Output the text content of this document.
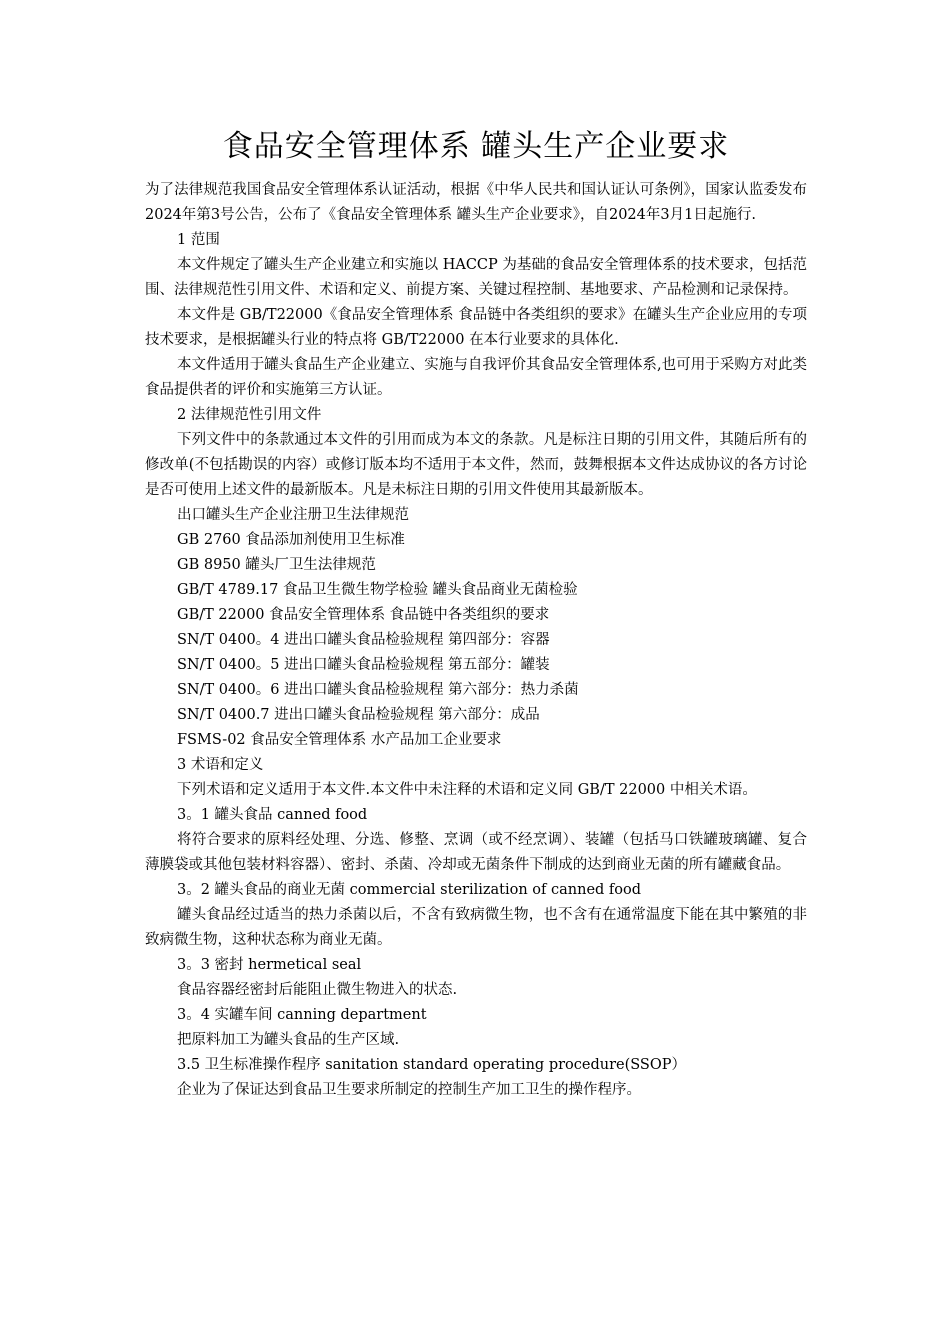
食品安全管理体系 罐头生产企业要求

为了法律规范我国食品安全管理体系认证活动，根据《中华人民共和国认证认可条例》，国家认监委发布2024年第3号公告，公布了《食品安全管理体系 罐头生产企业要求》，自2024年3月1日起施行.

1 范围

本文件规定了罐头生产企业建立和实施以 HACCP 为基础的食品安全管理体系的技术要求，包括范围、法律规范性引用文件、术语和定义、前提方案、关键过程控制、基地要求、产品检测和记录保持。

本文件是 GB/T22000《食品安全管理体系 食品链中各类组织的要求》在罐头生产企业应用的专项技术要求，是根据罐头行业的特点将 GB/T22000 在本行业要求的具体化.

本文件适用于罐头食品生产企业建立、实施与自我评价其食品安全管理体系,也可用于采购方对此类食品提供者的评价和实施第三方认证。

2 法律规范性引用文件

下列文件中的条款通过本文件的引用而成为本文的条款。凡是标注日期的引用文件，其随后所有的修改单(不包括勘误的内容）或修订版本均不适用于本文件，然而，鼓舞根据本文件达成协议的各方讨论是否可使用上述文件的最新版本。凡是未标注日期的引用文件使用其最新版本。

出口罐头生产企业注册卫生法律规范

GB 2760 食品添加剂使用卫生标准

GB 8950 罐头厂卫生法律规范

GB/T 4789.17 食品卫生微生物学检验 罐头食品商业无菌检验

GB/T 22000 食品安全管理体系 食品链中各类组织的要求

SN/T 0400。4 进出口罐头食品检验规程 第四部分：容器

SN/T 0400。5 进出口罐头食品检验规程 第五部分：罐装

SN/T 0400。6 进出口罐头食品检验规程 第六部分：热力杀菌

SN/T 0400.7 进出口罐头食品检验规程 第六部分：成品

FSMS-02 食品安全管理体系 水产品加工企业要求

3 术语和定义

下列术语和定义适用于本文件.本文件中未注释的术语和定义同 GB/T 22000 中相关术语。

3。1 罐头食品 canned food

将符合要求的原料经处理、分选、修整、烹调（或不经烹调）、装罐（包括马口铁罐玻璃罐、复合薄膜袋或其他包装材料容器）、密封、杀菌、冷却或无菌条件下制成的达到商业无菌的所有罐藏食品。

3。2 罐头食品的商业无菌 commercial sterilization of canned food

罐头食品经过适当的热力杀菌以后，不含有致病微生物，也不含有在通常温度下能在其中繁殖的非致病微生物，这种状态称为商业无菌。

3。3 密封 hermetical seal

食品容器经密封后能阻止微生物进入的状态.

3。4 实罐车间 canning department

把原料加工为罐头食品的生产区域.

3.5 卫生标准操作程序 sanitation standard operating procedure(SSOP）

企业为了保证达到食品卫生要求所制定的控制生产加工卫生的操作程序。
